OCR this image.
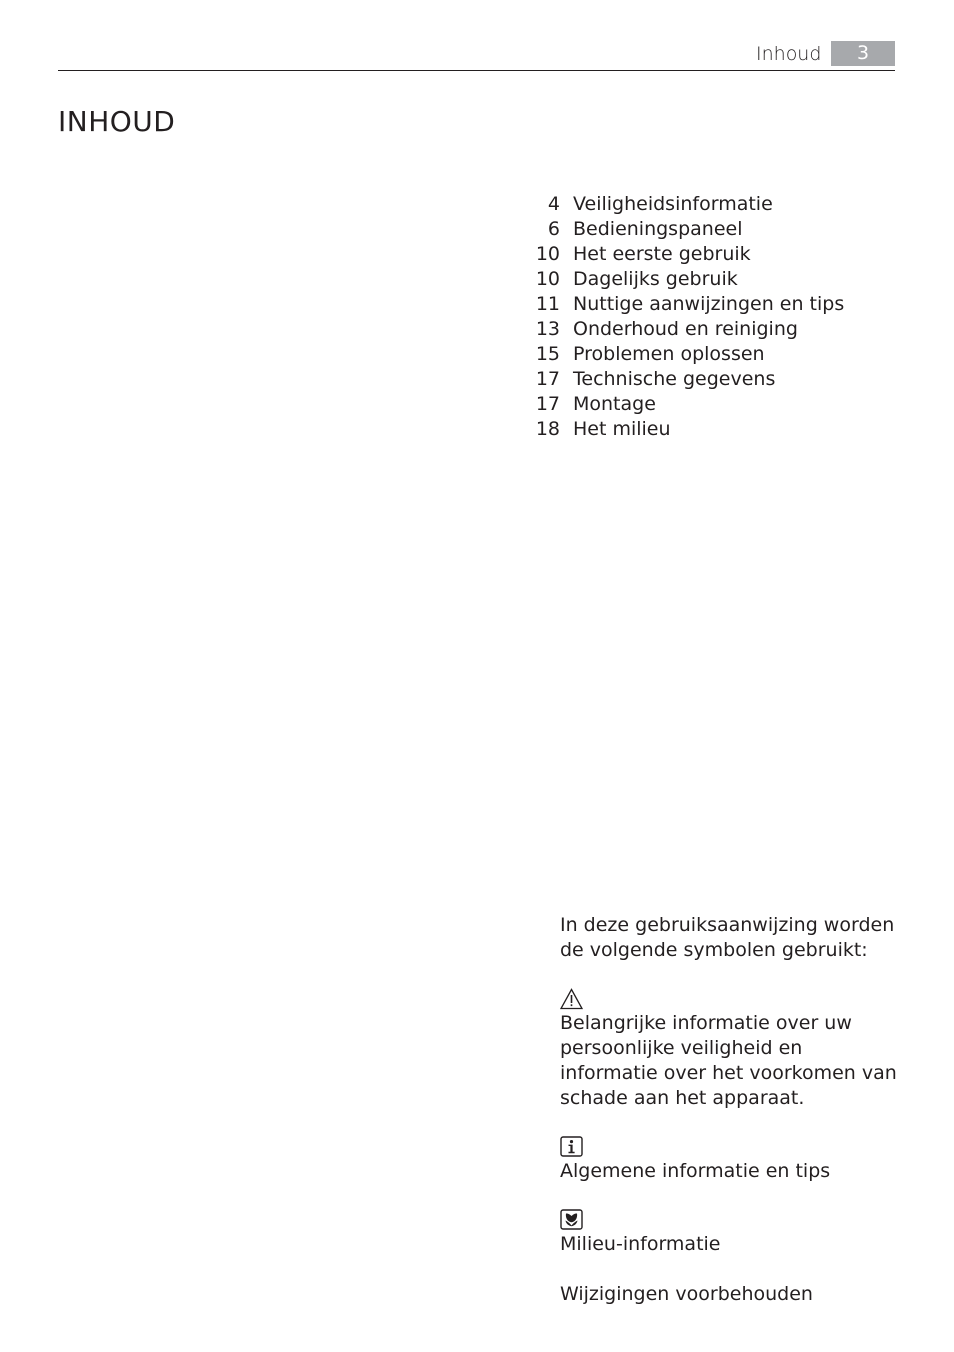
Inhoud	3
INHOUD
4 Veiligheidsinformatie
6 Bedieningspaneel
10 Het eerste gebruik
10 Dagelijks gebruik
11 Nuttige aanwijzingen en tips
13 Onderhoud en reiniging
15 Problemen oplossen
17 Technische gegevens
17 Montage
18 Het milieu

In deze gebruiksaanwijzing worden de volgende symbolen gebruikt:

Belangrijke informatie over uw persoonlijke veiligheid en informatie over het voorkomen van schade aan het apparaat.

Algemene informatie en tips

Milieu-informatie

Wijzigingen voorbehouden
